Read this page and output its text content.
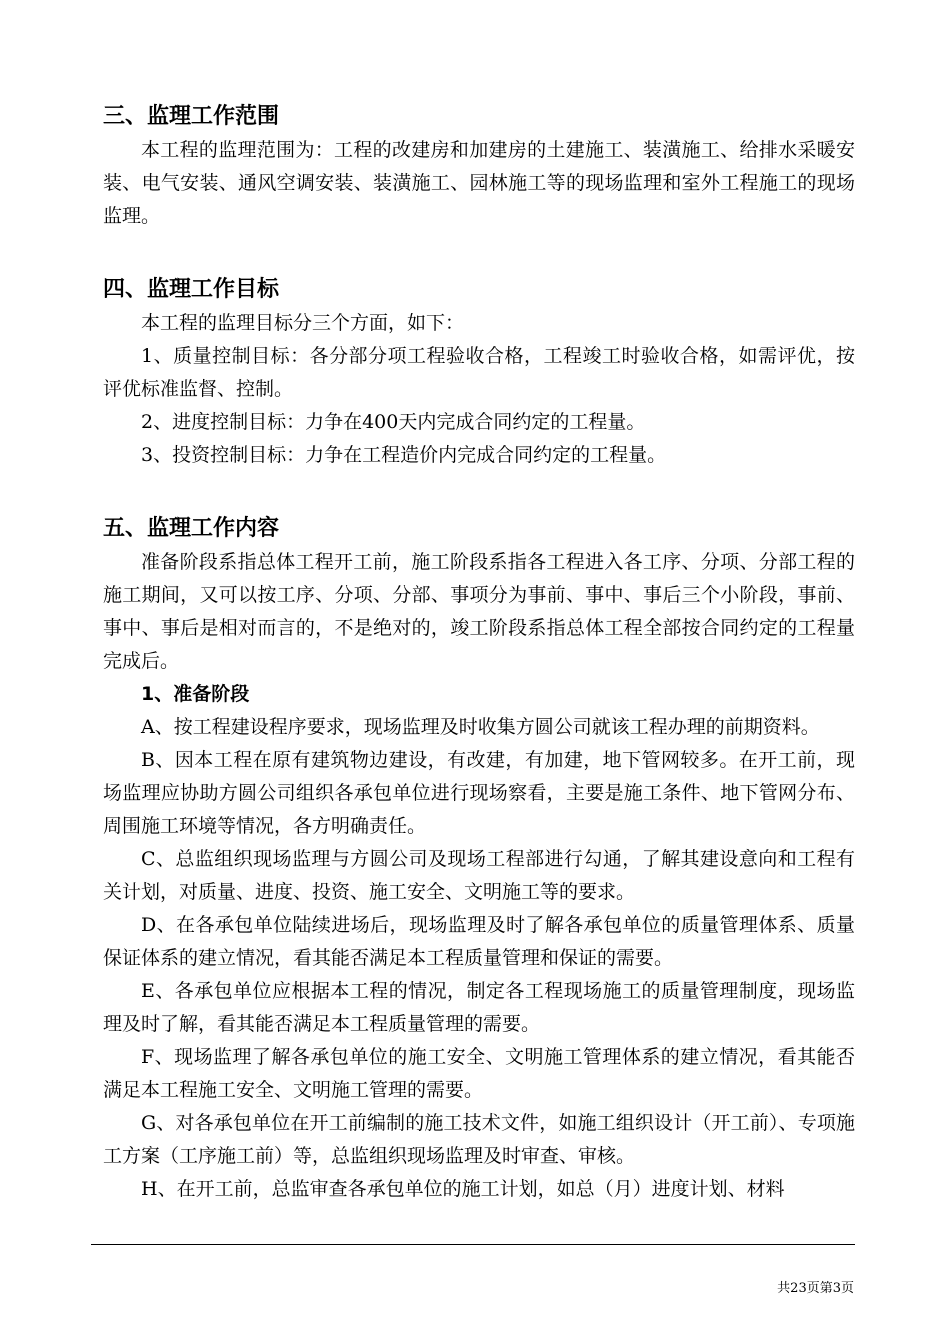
三、监理工作范围

本工程的监理范围为：工程的改建房和加建房的土建施工、装潢施工、给排水采暖安装、电气安装、通风空调安装、装潢施工、园林施工等的现场监理和室外工程施工的现场监理。

四、监理工作目标

本工程的监理目标分三个方面，如下：

1、质量控制目标：各分部分项工程验收合格，工程竣工时验收合格，如需评优，按评优标准监督、控制。

2、进度控制目标：力争在400天内完成合同约定的工程量。

3、投资控制目标：力争在工程造价内完成合同约定的工程量。

五、监理工作内容

准备阶段系指总体工程开工前，施工阶段系指各工程进入各工序、分项、分部工程的施工期间，又可以按工序、分项、分部、事项分为事前、事中、事后三个小阶段，事前、事中、事后是相对而言的，不是绝对的，竣工阶段系指总体工程全部按合同约定的工程量完成后。

1、准备阶段

A、按工程建设程序要求，现场监理及时收集方圆公司就该工程办理的前期资料。

B、因本工程在原有建筑物边建设，有改建，有加建，地下管网较多。在开工前，现场监理应协助方圆公司组织各承包单位进行现场察看，主要是施工条件、地下管网分布、周围施工环境等情况，各方明确责任。

C、总监组织现场监理与方圆公司及现场工程部进行勾通，了解其建设意向和工程有关计划，对质量、进度、投资、施工安全、文明施工等的要求。

D、在各承包单位陆续进场后，现场监理及时了解各承包单位的质量管理体系、质量保证体系的建立情况，看其能否满足本工程质量管理和保证的需要。

E、各承包单位应根据本工程的情况，制定各工程现场施工的质量管理制度，现场监理及时了解，看其能否满足本工程质量管理的需要。

F、现场监理了解各承包单位的施工安全、文明施工管理体系的建立情况，看其能否满足本工程施工安全、文明施工管理的需要。

G、对各承包单位在开工前编制的施工技术文件，如施工组织设计（开工前）、专项施工方案（工序施工前）等，总监组织现场监理及时审查、审核。

H、在开工前，总监审查各承包单位的施工计划，如总（月）进度计划、材料

共23页第3页
